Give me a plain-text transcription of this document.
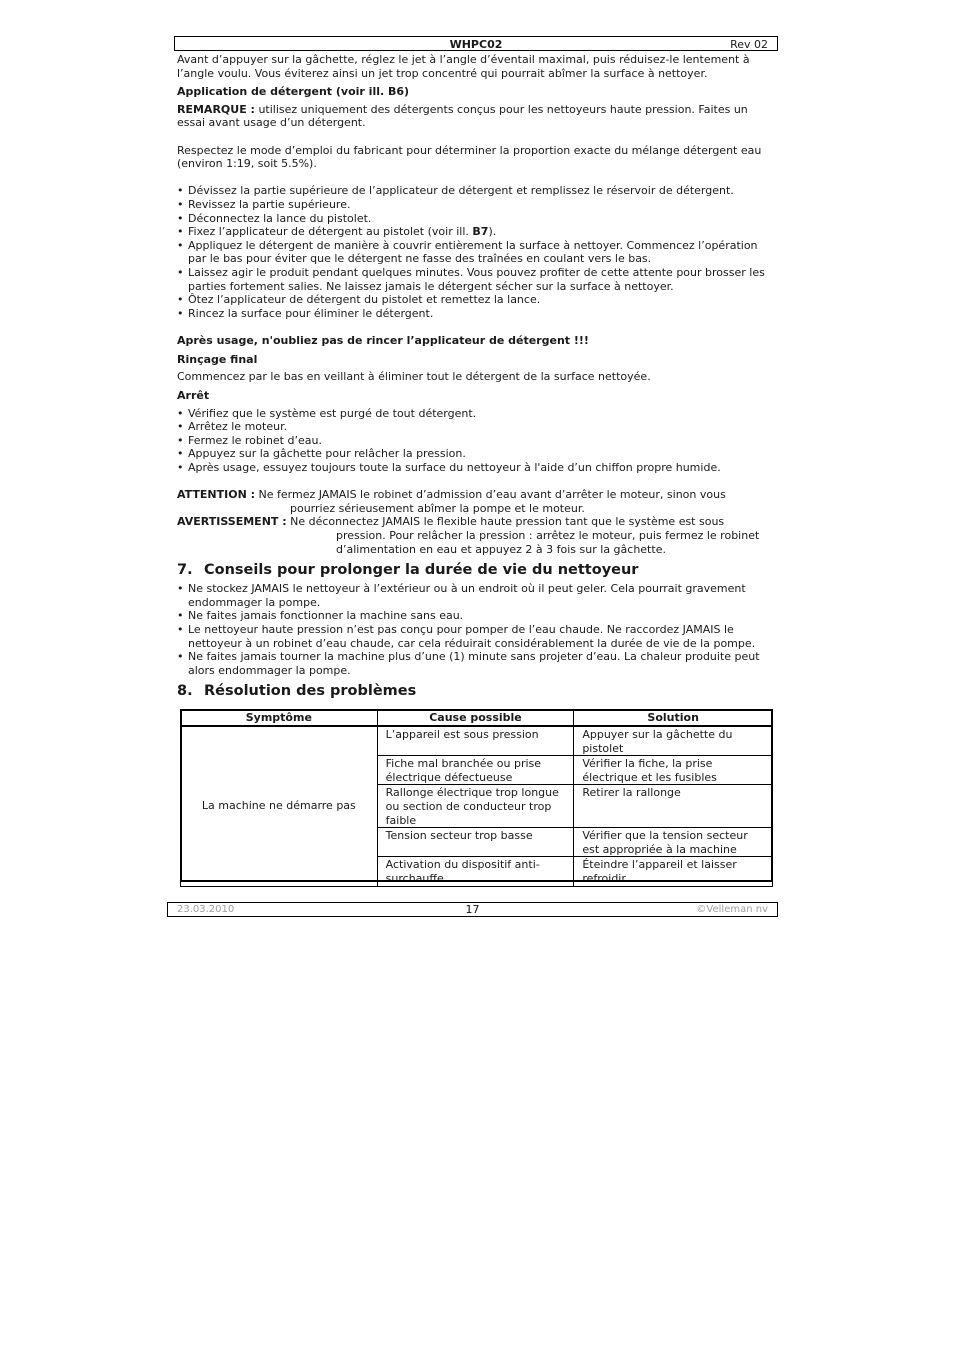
WHPC02	Rev 02

Avant d’appuyer sur la gâchette, réglez le jet à l’angle d’éventail maximal, puis réduisez-le lentement à l’angle voulu. Vous éviterez ainsi un jet trop concentré qui pourrait abîmer la surface à nettoyer.

Application de détergent (voir ill. B6)

REMARQUE : utilisez uniquement des détergents conçus pour les nettoyeurs haute pression. Faites un essai avant usage d’un détergent.

Respectez le mode d’emploi du fabricant pour déterminer la proportion exacte du mélange détergent eau (environ 1:19, soit 5.5%).

• Dévissez la partie supérieure de l’applicateur de détergent et remplissez le réservoir de détergent.
• Revissez la partie supérieure.
• Déconnectez la lance du pistolet.
• Fixez l’applicateur de détergent au pistolet (voir ill. B7).
• Appliquez le détergent de manière à couvrir entièrement la surface à nettoyer. Commencez l’opération par le bas pour éviter que le détergent ne fasse des traînées en coulant vers le bas.
• Laissez agir le produit pendant quelques minutes. Vous pouvez profiter de cette attente pour brosser les parties fortement salies. Ne laissez jamais le détergent sécher sur la surface à nettoyer.
• Ôtez l’applicateur de détergent du pistolet et remettez la lance.
• Rincez la surface pour éliminer le détergent.

Après usage, n'oubliez pas de rincer l’applicateur de détergent !!!

Rinçage final

Commencez par le bas en veillant à éliminer tout le détergent de la surface nettoyée.

Arrêt

• Vérifiez que le système est purgé de tout détergent.
• Arrêtez le moteur.
• Fermez le robinet d’eau.
• Appuyez sur la gâchette pour relâcher la pression.
• Après usage, essuyez toujours toute la surface du nettoyeur à l'aide d’un chiffon propre humide.

ATTENTION : Ne fermez JAMAIS le robinet d’admission d’eau avant d’arrêter le moteur, sinon vous

pourriez sérieusement abîmer la pompe et le moteur.

AVERTISSEMENT : Ne déconnectez JAMAIS le flexible haute pression tant que le système est sous

pression. Pour relâcher la pression : arrêtez le moteur, puis fermez le robinet

d’alimentation en eau et appuyez 2 à 3 fois sur la gâchette.

7. Conseils pour prolonger la durée de vie du nettoyeur

• Ne stockez JAMAIS le nettoyeur à l’extérieur ou à un endroit où il peut geler. Cela pourrait gravement endommager la pompe.
• Ne faites jamais fonctionner la machine sans eau.
• Le nettoyeur haute pression n’est pas conçu pour pomper de l’eau chaude. Ne raccordez JAMAIS le nettoyeur à un robinet d’eau chaude, car cela réduirait considérablement la durée de vie de la pompe.
• Ne faites jamais tourner la machine plus d’une (1) minute sans projeter d’eau. La chaleur produite peut alors endommager la pompe.

8. Résolution des problèmes

Symptôme	Cause possible	Solution
La machine ne démarre pas	L’appareil est sous pression	Appuyer sur la gâchette du pistolet
	Fiche mal branchée ou prise électrique défectueuse	Vérifier la fiche, la prise électrique et les fusibles
	Rallonge électrique trop longue ou section de conducteur trop faible	Retirer la rallonge
	Tension secteur trop basse	Vérifier que la tension secteur est appropriée à la machine
	Activation du dispositif anti-surchauffe	Éteindre l’appareil et laisser refroidir
23.03.2010	17	©Velleman nv
